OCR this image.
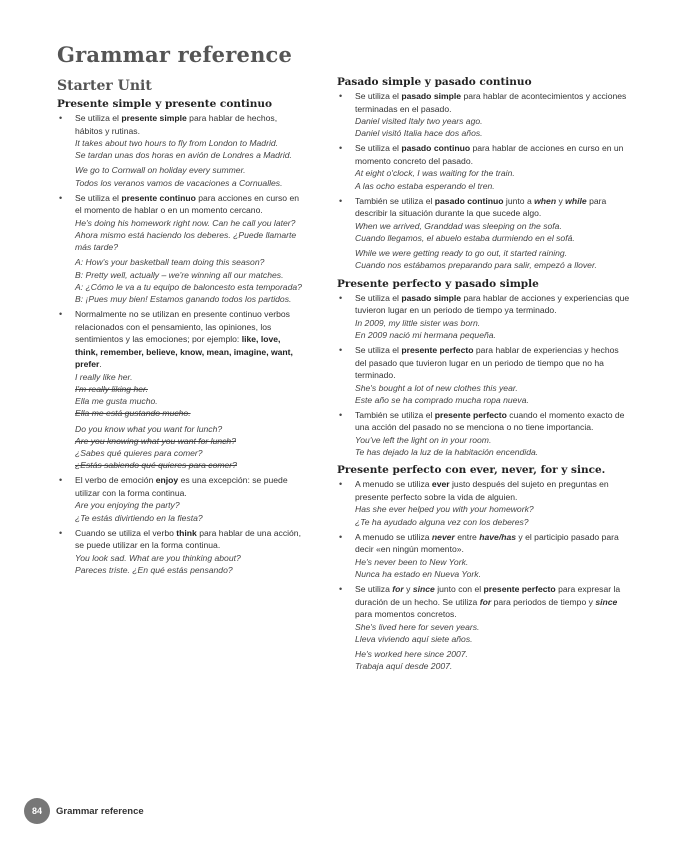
Grammar reference
Starter Unit
Presente simple y presente continuo
• Se utiliza el presente simple para hablar de hechos, hábitos y rutinas.
It takes about two hours to fly from London to Madrid.
Se tardan unas dos horas en avión de Londres a Madrid.
We go to Cornwall on holiday every summer.
Todos los veranos vamos de vacaciones a Cornualles.
• Se utiliza el presente continuo para acciones en curso en el momento de hablar o en un momento cercano.
He's doing his homework right now. Can he call you later?
Ahora mismo está haciendo los deberes. ¿Puede llamarte más tarde?
A: How's your basketball team doing this season?
B: Pretty well, actually – we're winning all our matches.
A: ¿Cómo le va a tu equipo de baloncesto esta temporada?
B: ¡Pues muy bien! Estamos ganando todos los partidos.
• Normalmente no se utilizan en presente continuo verbos relacionados con el pensamiento, las opiniones, los sentimientos y las emociones; por ejemplo: like, love, think, remember, believe, know, mean, imagine, want, prefer.
I really like her.
I'm really liking her.
Ella me gusta mucho.
Ella me está gustando mucho.
Do you know what you want for lunch?
Are you knowing what you want for lunch?
¿Sabes qué quieres para comer?
¿Estás sabiendo qué quieres para comer?
• El verbo de emoción enjoy es una excepción: se puede utilizar con la forma continua.
Are you enjoying the party?
¿Te estás divirtiendo en la fiesta?
• Cuando se utiliza el verbo think para hablar de una acción, se puede utilizar en la forma continua.
You look sad. What are you thinking about?
Pareces triste. ¿En qué estás pensando?
Pasado simple y pasado continuo
• Se utiliza el pasado simple para hablar de acontecimientos y acciones terminadas en el pasado.
Daniel visited Italy two years ago.
Daniel visitó Italia hace dos años.
• Se utiliza el pasado continuo para hablar de acciones en curso en un momento concreto del pasado.
At eight o'clock, I was waiting for the train.
A las ocho estaba esperando el tren.
• También se utiliza el pasado continuo junto a when y while para describir la situación durante la que sucede algo.
When we arrived, Granddad was sleeping on the sofa.
Cuando llegamos, el abuelo estaba durmiendo en el sofá.
While we were getting ready to go out, it started raining.
Cuando nos estábamos preparando para salir, empezó a llover.
Presente perfecto y pasado simple
• Se utiliza el pasado simple para hablar de acciones y experiencias que tuvieron lugar en un periodo de tiempo ya terminado.
In 2009, my little sister was born.
En 2009 nació mi hermana pequeña.
• Se utiliza el presente perfecto para hablar de experiencias y hechos del pasado que tuvieron lugar en un periodo de tiempo que no ha terminado.
She's bought a lot of new clothes this year.
Este año se ha comprado mucha ropa nueva.
• También se utiliza el presente perfecto cuando el momento exacto de una acción del pasado no se menciona o no tiene importancia.
You've left the light on in your room.
Te has dejado la luz de la habitación encendida.
Presente perfecto con ever, never, for y since.
• A menudo se utiliza ever justo después del sujeto en preguntas en presente perfecto sobre la vida de alguien.
Has she ever helped you with your homework?
¿Te ha ayudado alguna vez con los deberes?
• A menudo se utiliza never entre have/has y el participio pasado para decir «en ningún momento».
He's never been to New York.
Nunca ha estado en Nueva York.
• Se utiliza for y since junto con el presente perfecto para expresar la duración de un hecho. Se utiliza for para periodos de tiempo y since para momentos concretos.
She's lived here for seven years.
Lleva viviendo aquí siete años.
He's worked here since 2007.
Trabaja aquí desde 2007.
84	Grammar reference
